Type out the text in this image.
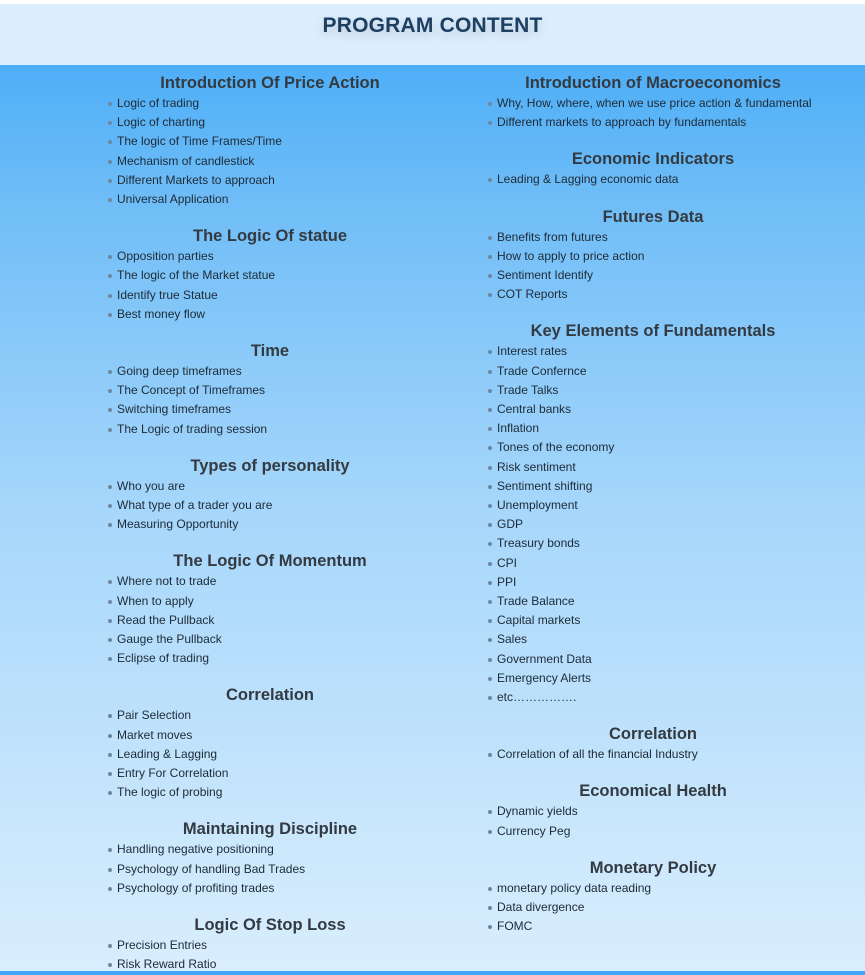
PROGRAM CONTENT
Introduction Of Price Action
Logic of trading
Logic of charting
The logic of Time Frames/Time
Mechanism of candlestick
Different Markets to approach
Universal Application
The Logic Of statue
Opposition parties
The logic of the Market statue
Identify true Statue
Best money flow
Time
Going deep timeframes
The Concept of Timeframes
Switching timeframes
The Logic of trading session
Types of personality
Who you are
What type of a trader you are
Measuring Opportunity
The Logic Of Momentum
Where not to trade
When to apply
Read the Pullback
Gauge the Pullback
Eclipse of trading
Correlation
Pair Selection
Market moves
Leading & Lagging
Entry For Correlation
The logic of probing
Maintaining Discipline
Handling negative positioning
Psychology of handling Bad Trades
Psychology of profiting trades
Logic Of Stop Loss
Precision Entries
Risk Reward Ratio
Introduction of Macroeconomics
Why, How, where, when we use price action & fundamental
Different markets to approach by fundamentals
Economic Indicators
Leading & Lagging economic data
Futures Data
Benefits from futures
How to apply to price action
Sentiment Identify
COT Reports
Key Elements of Fundamentals
Interest rates
Trade Confernce
Trade Talks
Central banks
Inflation
Tones of the economy
Risk sentiment
Sentiment shifting
Unemployment
GDP
Treasury bonds
CPI
PPI
Trade Balance
Capital markets
Sales
Government Data
Emergency Alerts
etc…………….
Correlation
Correlation of all the financial Industry
Economical Health
Dynamic yields
Currency Peg
Monetary Policy
monetary policy data reading
Data divergence
FOMC
